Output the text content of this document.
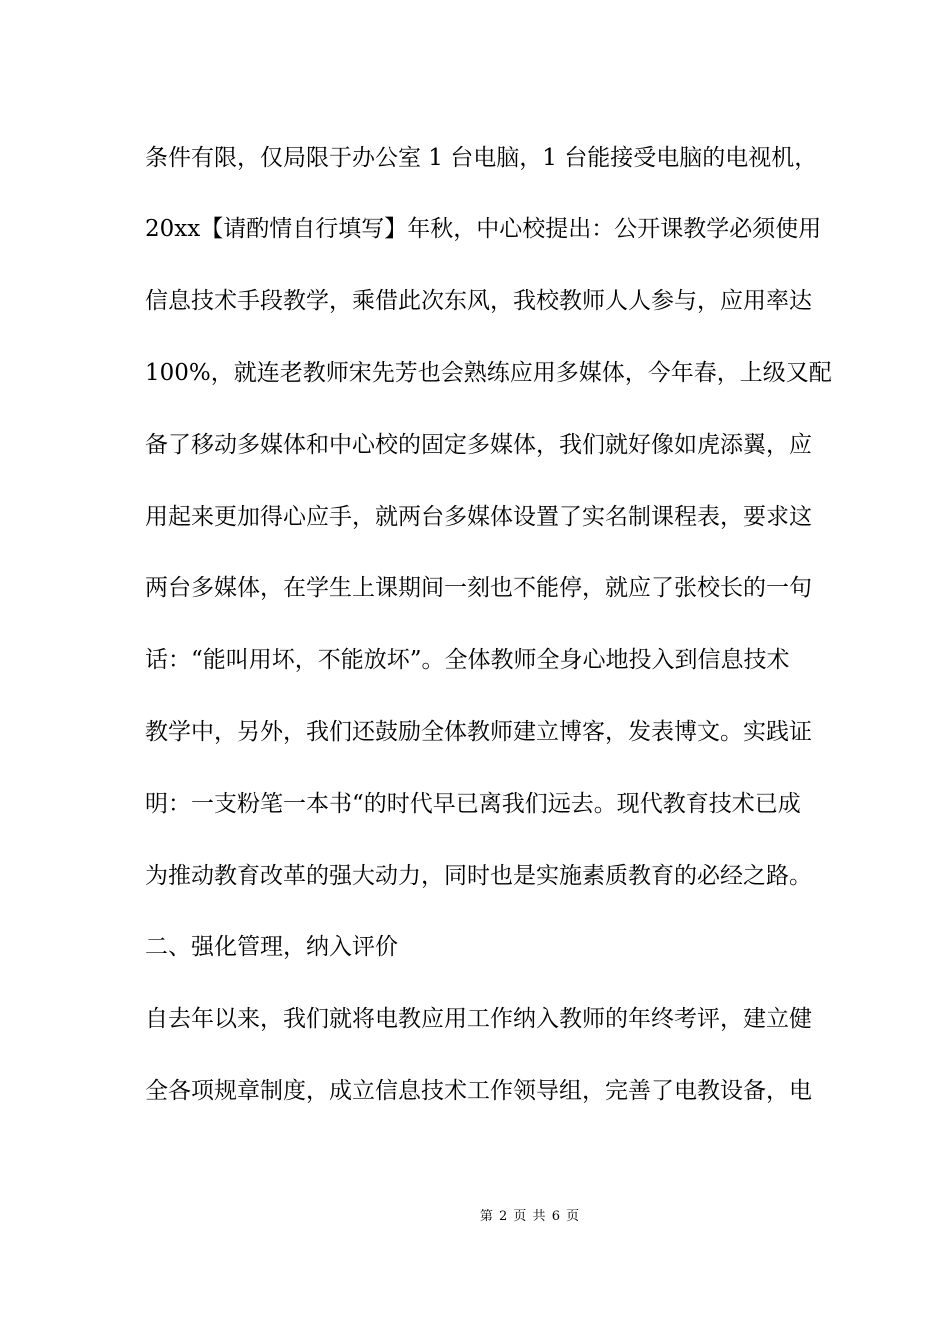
条件有限，仅局限于办公室 1 台电脑，1 台能接受电脑的电视机，
20xx【请酌情自行填写】年秋，中心校提出：公开课教学必须使用
信息技术手段教学，乘借此次东风，我校教师人人参与，应用率达
100%，就连老教师宋先芳也会熟练应用多媒体，今年春，上级又配
备了移动多媒体和中心校的固定多媒体，我们就好像如虎添翼，应
用起来更加得心应手，就两台多媒体设置了实名制课程表，要求这
两台多媒体，在学生上课期间一刻也不能停，就应了张校长的一句
话：“能叫用坏，不能放坏”。全体教师全身心地投入到信息技术
教学中，另外，我们还鼓励全体教师建立博客，发表博文。实践证
明：一支粉笔一本书“的时代早已离我们远去。现代教育技术已成
为推动教育改革的强大动力，同时也是实施素质教育的必经之路。
二、强化管理，纳入评价
自去年以来，我们就将电教应用工作纳入教师的年终考评，建立健
全各项规章制度，成立信息技术工作领导组，完善了电教设备，电
第 2 页 共 6 页
